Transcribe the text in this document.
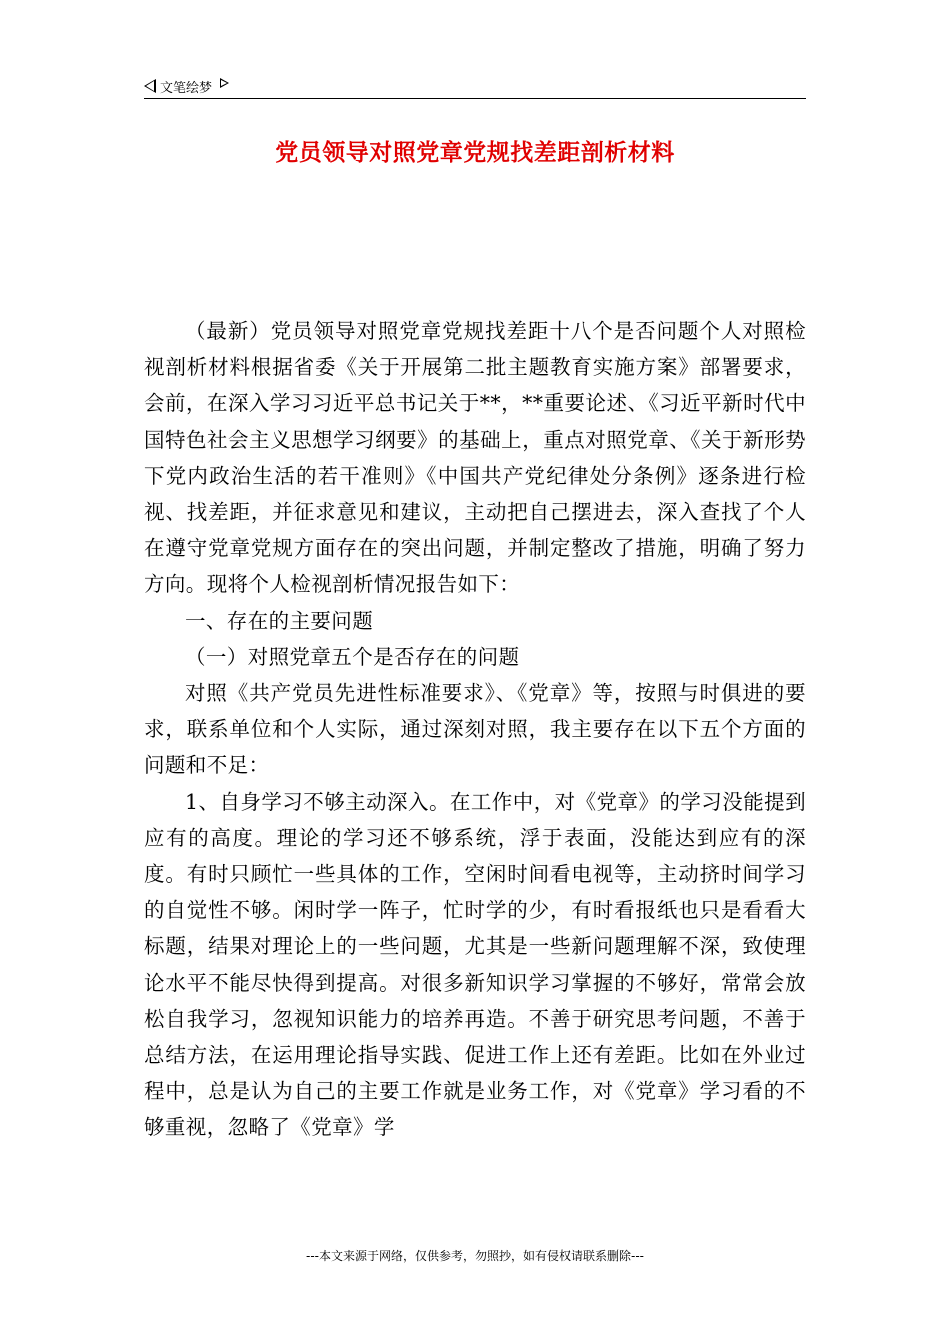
文笔绘梦
党员领导对照党章党规找差距剖析材料

（最新）党员领导对照党章党规找差距十八个是否问题个人对照检视剖析材料根据省委《关于开展第二批主题教育实施方案》部署要求，会前，在深入学习习近平总书记关于**，**重要论述、《习近平新时代中国特色社会主义思想学习纲要》的基础上，重点对照党章、《关于新形势下党内政治生活的若干准则》《中国共产党纪律处分条例》逐条进行检视、找差距，并征求意见和建议，主动把自己摆进去，深入查找了个人在遵守党章党规方面存在的突出问题，并制定整改了措施，明确了努力方向。现将个人检视剖析情况报告如下：

一、存在的主要问题

（一）对照党章五个是否存在的问题

对照《共产党员先进性标准要求》、《党章》等，按照与时俱进的要求，联系单位和个人实际，通过深刻对照，我主要存在以下五个方面的问题和不足：

1、自身学习不够主动深入。在工作中，对《党章》的学习没能提到应有的高度。理论的学习还不够系统，浮于表面，没能达到应有的深度。有时只顾忙一些具体的工作，空闲时间看电视等，主动挤时间学习的自觉性不够。闲时学一阵子，忙时学的少，有时看报纸也只是看看大标题，结果对理论上的一些问题，尤其是一些新问题理解不深，致使理论水平不能尽快得到提高。对很多新知识学习掌握的不够好，常常会放松自我学习，忽视知识能力的培养再造。不善于研究思考问题，不善于总结方法，在运用理论指导实践、促进工作上还有差距。比如在外业过程中，总是认为自己的主要工作就是业务工作，对《党章》学习看的不够重视，忽略了《党章》学

---本文来源于网络，仅供参考，勿照抄，如有侵权请联系删除---
